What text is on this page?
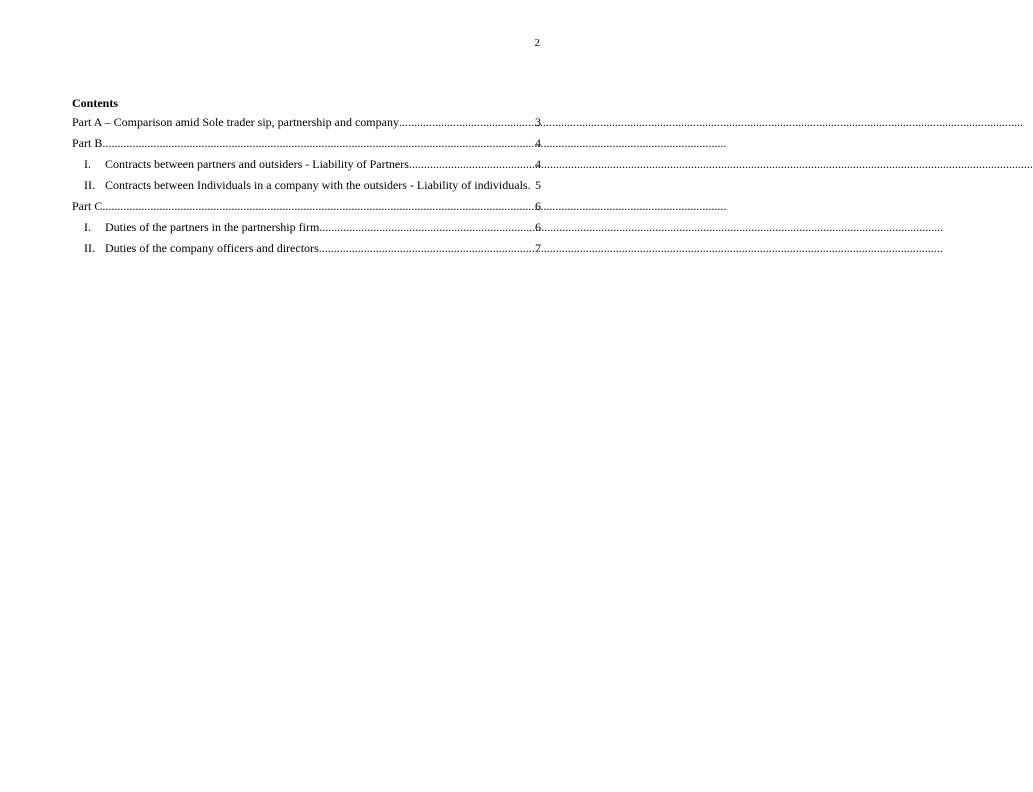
2
Contents
Part A – Comparison amid Sole trader sip, partnership and company .....	3
Part B .....	4
I.	Contracts between partners and outsiders - Liability of Partners .....	4
II. Contracts between Individuals in a company with the outsiders - Liability of individuals. 5
Part C .....	6
I.	Duties of the partners in the partnership firm .....	6
II. Duties of the company officers and directors .....	7
